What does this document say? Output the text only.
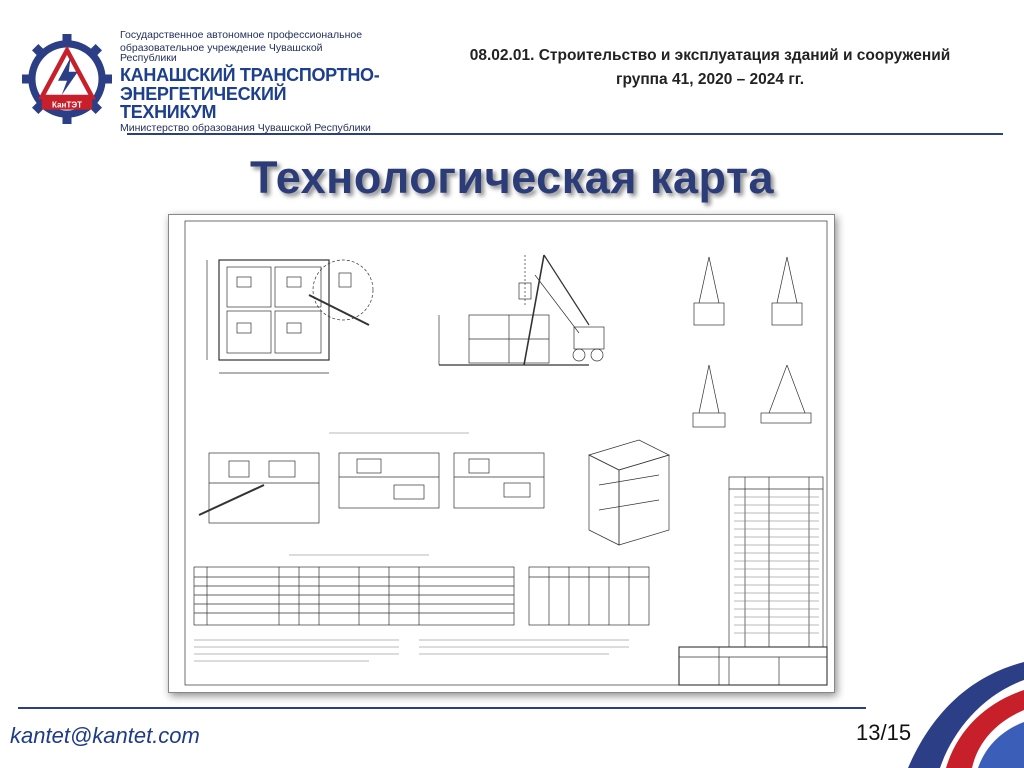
КанТЭТ
Государственное автономное профессиональное
образовательное учреждение Чувашской Республики
КАНАШСКИЙ ТРАНСПОРТНО-
ЭНЕРГЕТИЧЕСКИЙ ТЕХНИКУМ
Министерство образования Чувашской Республики
08.02.01. Строительство и эксплуатация зданий и сооружений
группа 41, 2020 – 2024 гг.
Технологическая карта
kantet@kantet.com	13/15
